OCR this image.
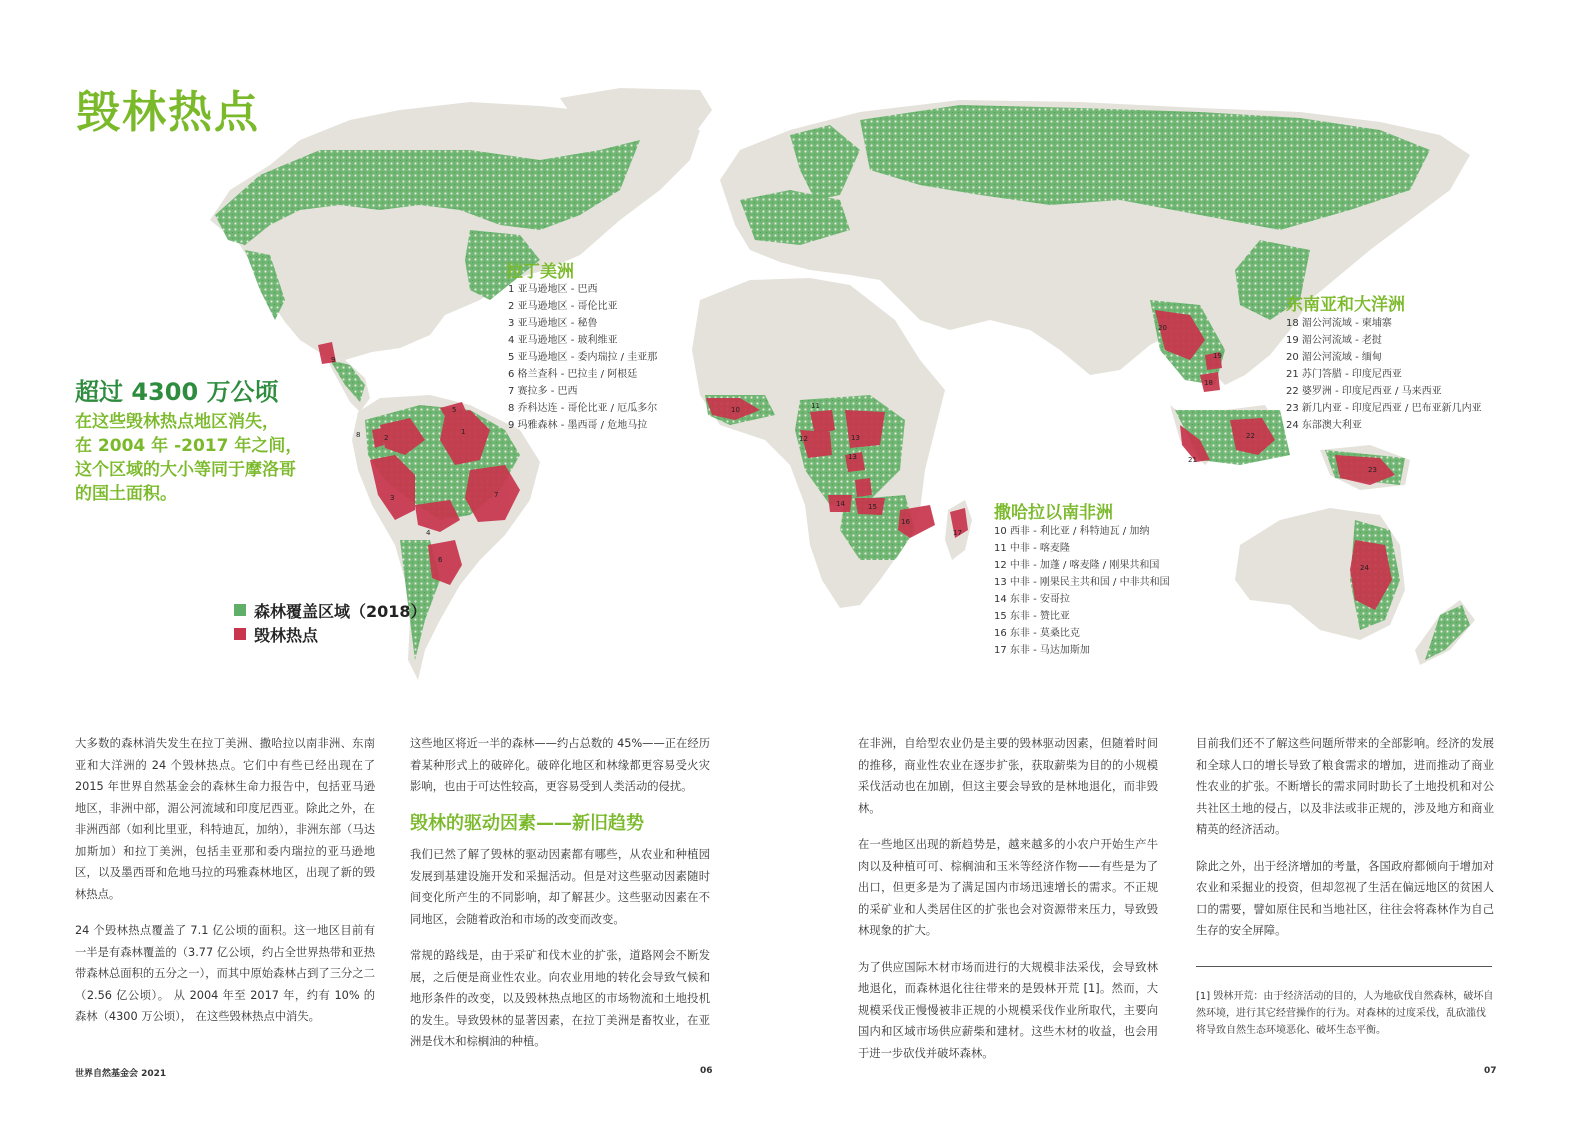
1
2
3
4
5
6
7
8
9
10	11
12	13
13
14	15
16
17
18
19
20
21
22
23
24
毁林热点
超过 4300 万公顷
在这些毁林热点地区消失，
在 2004 年 -2017 年之间，
这个区域的大小等同于摩洛哥
的国土面积。
森林覆盖区域（2018）
毁林热点
拉丁美洲
1 亚马逊地区 - 巴西
2 亚马逊地区 - 哥伦比亚
3 亚马逊地区 - 秘鲁
4 亚马逊地区 - 玻利维亚
5 亚马逊地区 - 委内瑞拉 / 圭亚那
6 格兰查科 - 巴拉圭 / 阿根廷
7 赛拉多 - 巴西
8 乔科达连 - 哥伦比亚 / 厄瓜多尔
9 玛雅森林 - 墨西哥 / 危地马拉
撒哈拉以南非洲
10 西非 - 利比亚 / 科特迪瓦 / 加纳
11 中非 - 喀麦隆
12 中非 - 加蓬 / 喀麦隆 / 刚果共和国
13 中非 - 刚果民主共和国 / 中非共和国
14 东非 - 安哥拉
15 东非 - 赞比亚
16 东非 - 莫桑比克
17 东非 - 马达加斯加
东南亚和大洋洲
18 湄公河流域 - 柬埔寨
19 湄公河流域 - 老挝
20 湄公河流域 - 缅甸
21 苏门答腊 - 印度尼西亚
22 婆罗洲 - 印度尼西亚 / 马来西亚
23 新几内亚 - 印度尼西亚 / 巴布亚新几内亚
24 东部澳大利亚

大多数的森林消失发生在拉丁美洲、撒哈拉以南非洲、东南亚和大洋洲的 24 个毁林热点。它们中有些已经出现在了 2015 年世界自然基金会的森林生命力报告中，包括亚马逊地区，非洲中部，湄公河流域和印度尼西亚。除此之外，在非洲西部（如利比里亚，科特迪瓦，加纳），非洲东部（马达加斯加）和拉丁美洲，包括圭亚那和委内瑞拉的亚马逊地区，以及墨西哥和危地马拉的玛雅森林地区，出现了新的毁林热点。

24 个毁林热点覆盖了 7.1 亿公顷的面积。这一地区目前有一半是有森林覆盖的（3.77 亿公顷，约占全世界热带和亚热带森林总面积的五分之一），而其中原始森林占到了三分之二（2.56 亿公顷）。 从 2004 年至 2017 年，约有 10% 的森林（4300 万公顷）， 在这些毁林热点中消失。

这些地区将近一半的森林——约占总数的 45%——正在经历着某种形式上的破碎化。破碎化地区和林缘都更容易受火灾影响，也由于可达性较高，更容易受到人类活动的侵扰。

毁林的驱动因素——新旧趋势

我们已然了解了毁林的驱动因素都有哪些，从农业和种植园发展到基建设施开发和采掘活动。但是对这些驱动因素随时间变化所产生的不同影响，却了解甚少。这些驱动因素在不同地区，会随着政治和市场的改变而改变。

常规的路线是，由于采矿和伐木业的扩张，道路网会不断发展，之后便是商业性农业。向农业用地的转化会导致气候和地形条件的改变，以及毁林热点地区的市场物流和土地投机的发生。导致毁林的显著因素，在拉丁美洲是畜牧业，在亚洲是伐木和棕榈油的种植。

在非洲，自给型农业仍是主要的毁林驱动因素，但随着时间的推移，商业性农业在逐步扩张，获取薪柴为目的的小规模采伐活动也在加剧，但这主要会导致的是林地退化，而非毁林。

在一些地区出现的新趋势是，越来越多的小农户开始生产牛肉以及种植可可、棕榈油和玉米等经济作物——有些是为了出口，但更多是为了满足国内市场迅速增长的需求。不正规的采矿业和人类居住区的扩张也会对资源带来压力，导致毁林现象的扩大。

为了供应国际木材市场而进行的大规模非法采伐，会导致林地退化，而森林退化往往带来的是毁林开荒 [1]。然而，大规模采伐正慢慢被非正规的小规模采伐作业所取代，主要向国内和区域市场供应薪柴和建材。这些木材的收益，也会用于进一步砍伐并破坏森林。

目前我们还不了解这些问题所带来的全部影响。经济的发展和全球人口的增长导致了粮食需求的增加，进而推动了商业性农业的扩张。不断增长的需求同时助长了土地投机和对公共社区土地的侵占，以及非法或非正规的，涉及地方和商业精英的经济活动。

除此之外，出于经济增加的考量，各国政府都倾向于增加对农业和采掘业的投资，但却忽视了生活在偏远地区的贫困人口的需要，譬如原住民和当地社区，往往会将森林作为自己生存的安全屏障。

[1] 毁林开荒：由于经济活动的目的，人为地砍伐自然森林，破坏自然环境，进行其它经营操作的行为。对森林的过度采伐，乱砍滥伐将导致自然生态环境恶化、破坏生态平衡。
世界自然基金会 2021	06	07
